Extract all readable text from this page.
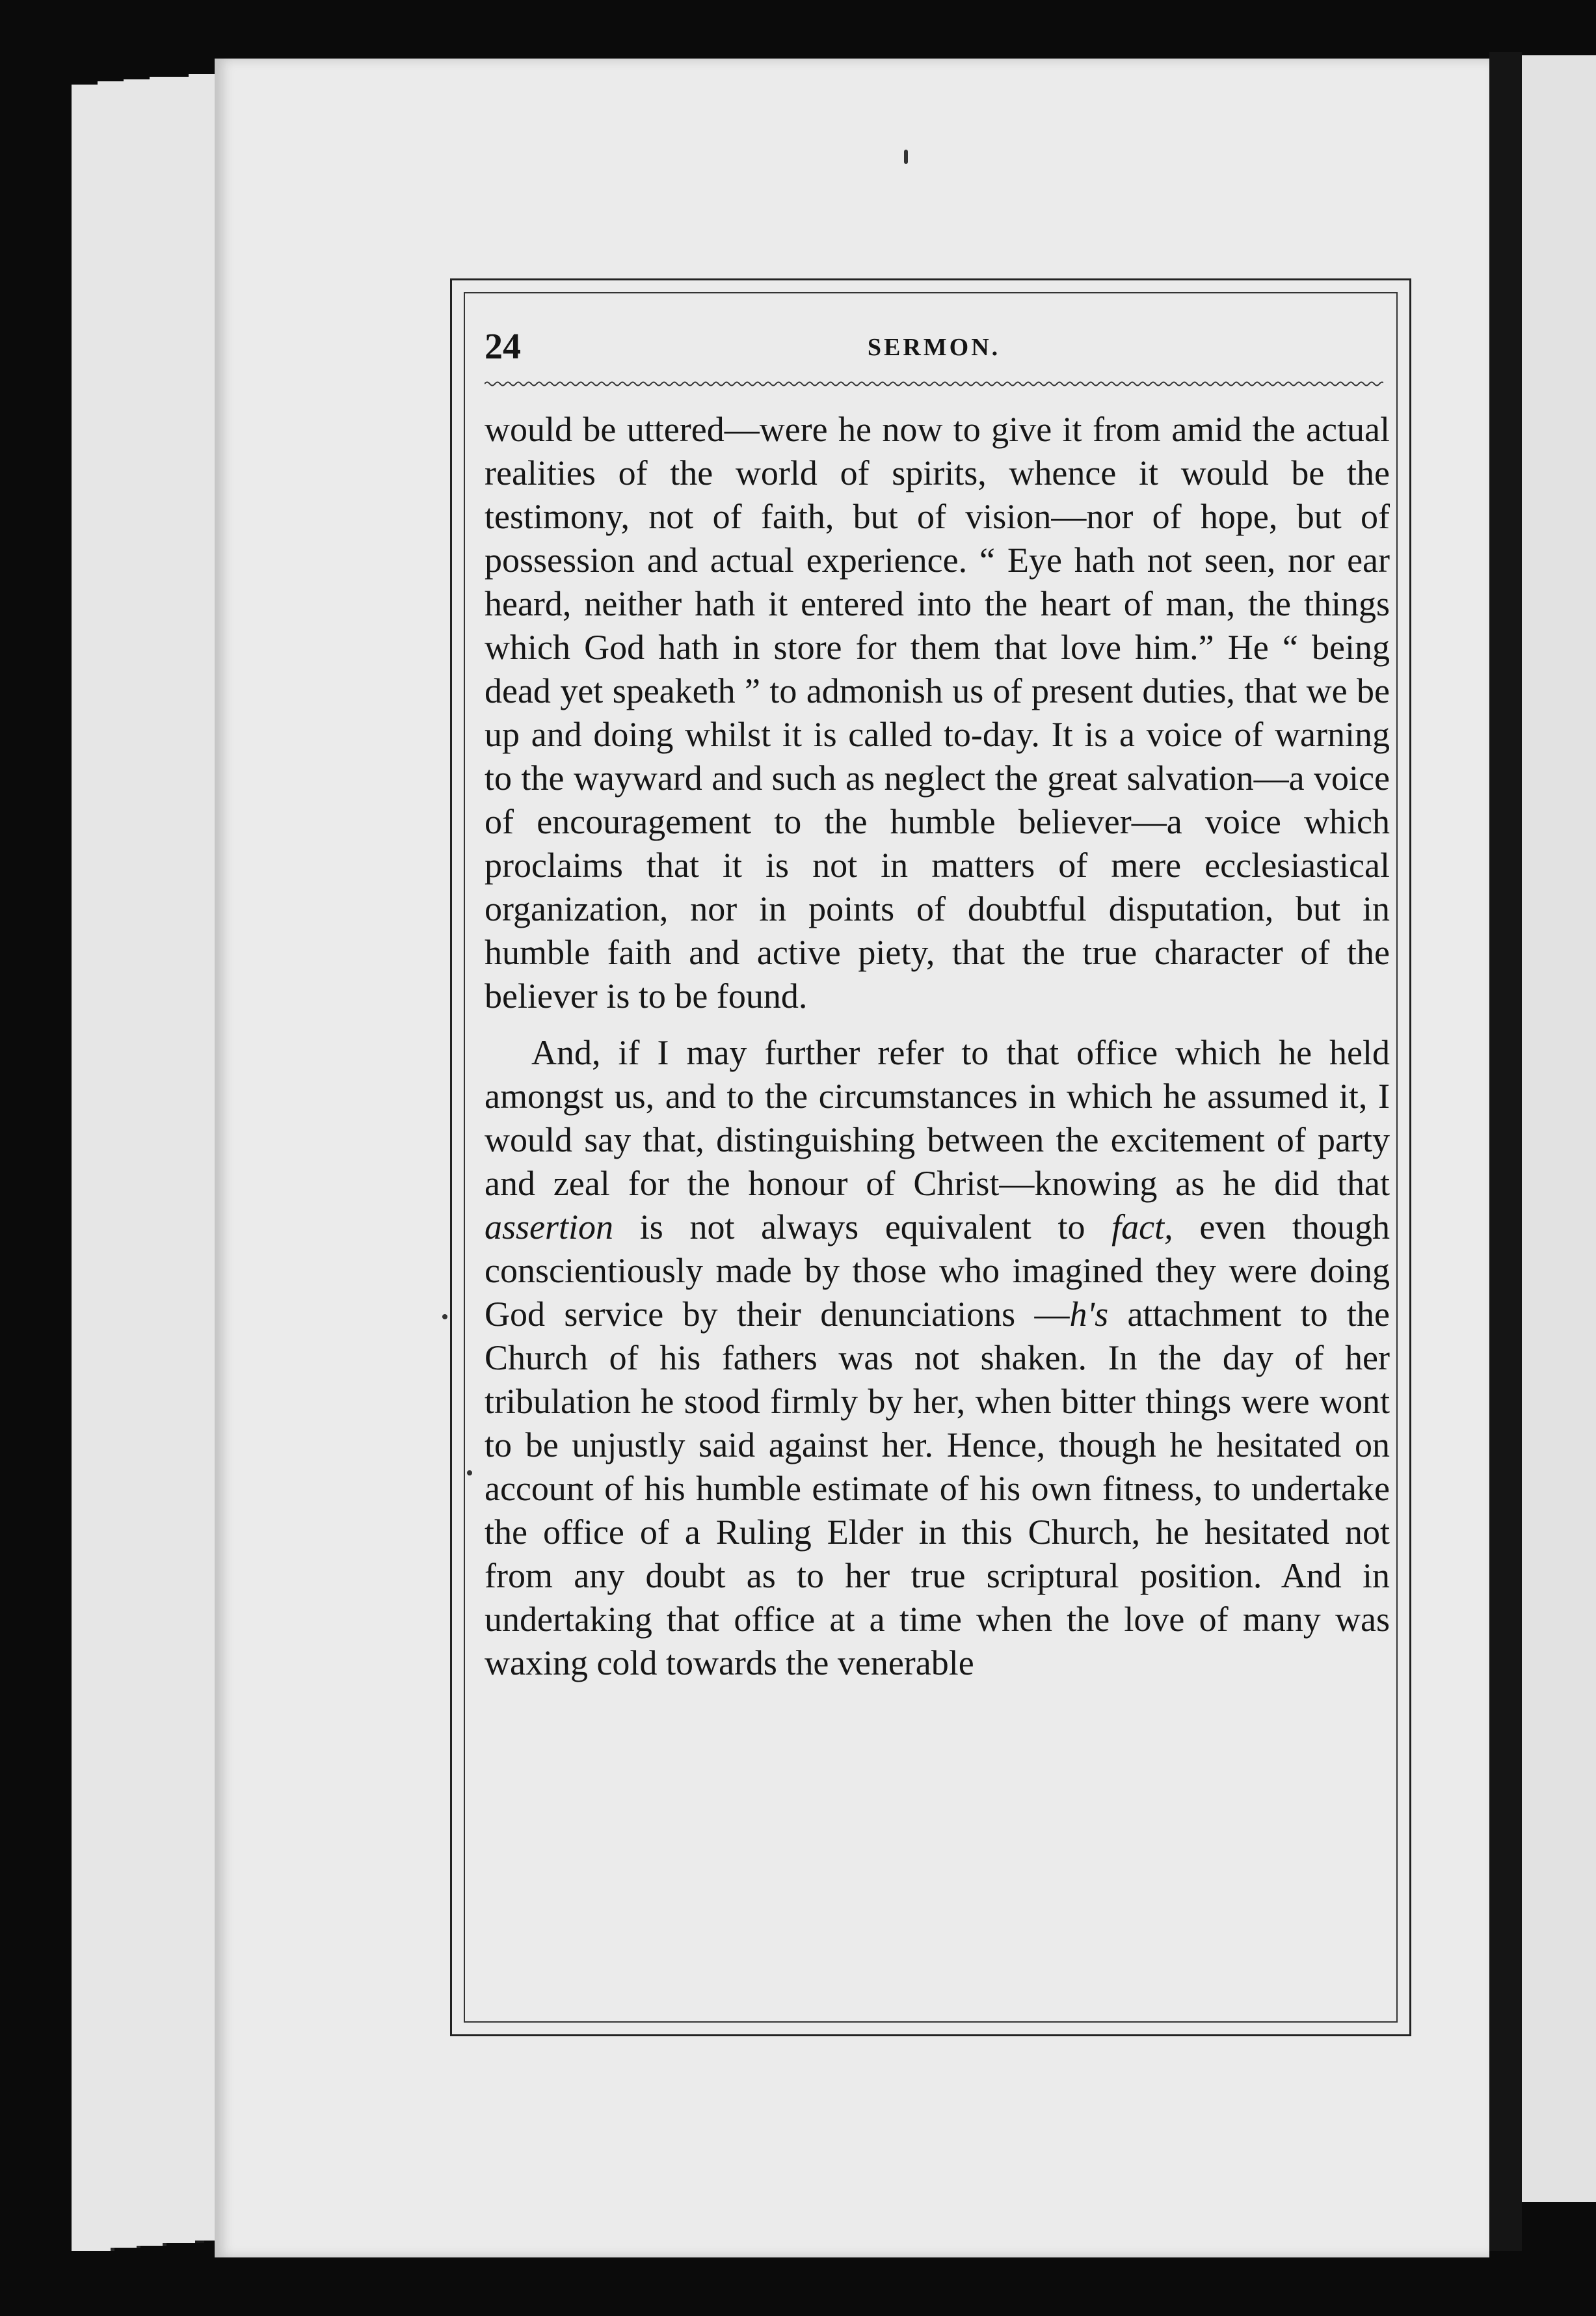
24	SERMON.

would be uttered—were he now to give it from amid the actual realities of the world of spirits, whence it would be the testimony, not of faith, but of vision—nor of hope, but of possession and actual experience. “ Eye hath not seen, nor ear heard, neither hath it entered into the heart of man, the things which God hath in store for them that love him.” He “ being dead yet speaketh ” to admonish us of present duties, that we be up and doing whilst it is called to-day. It is a voice of warning to the wayward and such as neglect the great salvation—a voice of encouragement to the humble believer—a voice which proclaims that it is not in matters of mere ecclesiastical organization, nor in points of doubtful disputation, but in humble faith and active piety, that the true character of the believer is to be found.

And, if I may further refer to that office which he held amongst us, and to the circumstances in which he assumed it, I would say that, distinguishing between the excitement of party and zeal for the honour of Christ—knowing as he did that assertion is not always equivalent to fact, even though conscientiously made by those who imagined they were doing God service by their denunciations —h's attachment to the Church of his fathers was not shaken. In the day of her tribulation he stood firmly by her, when bitter things were wont to be unjustly said against her. Hence, though he hesitated on account of his humble estimate of his own fitness, to undertake the office of a Ruling Elder in this Church, he hesitated not from any doubt as to her true scriptural position. And in undertaking that office at a time when the love of many was waxing cold towards the venerable
